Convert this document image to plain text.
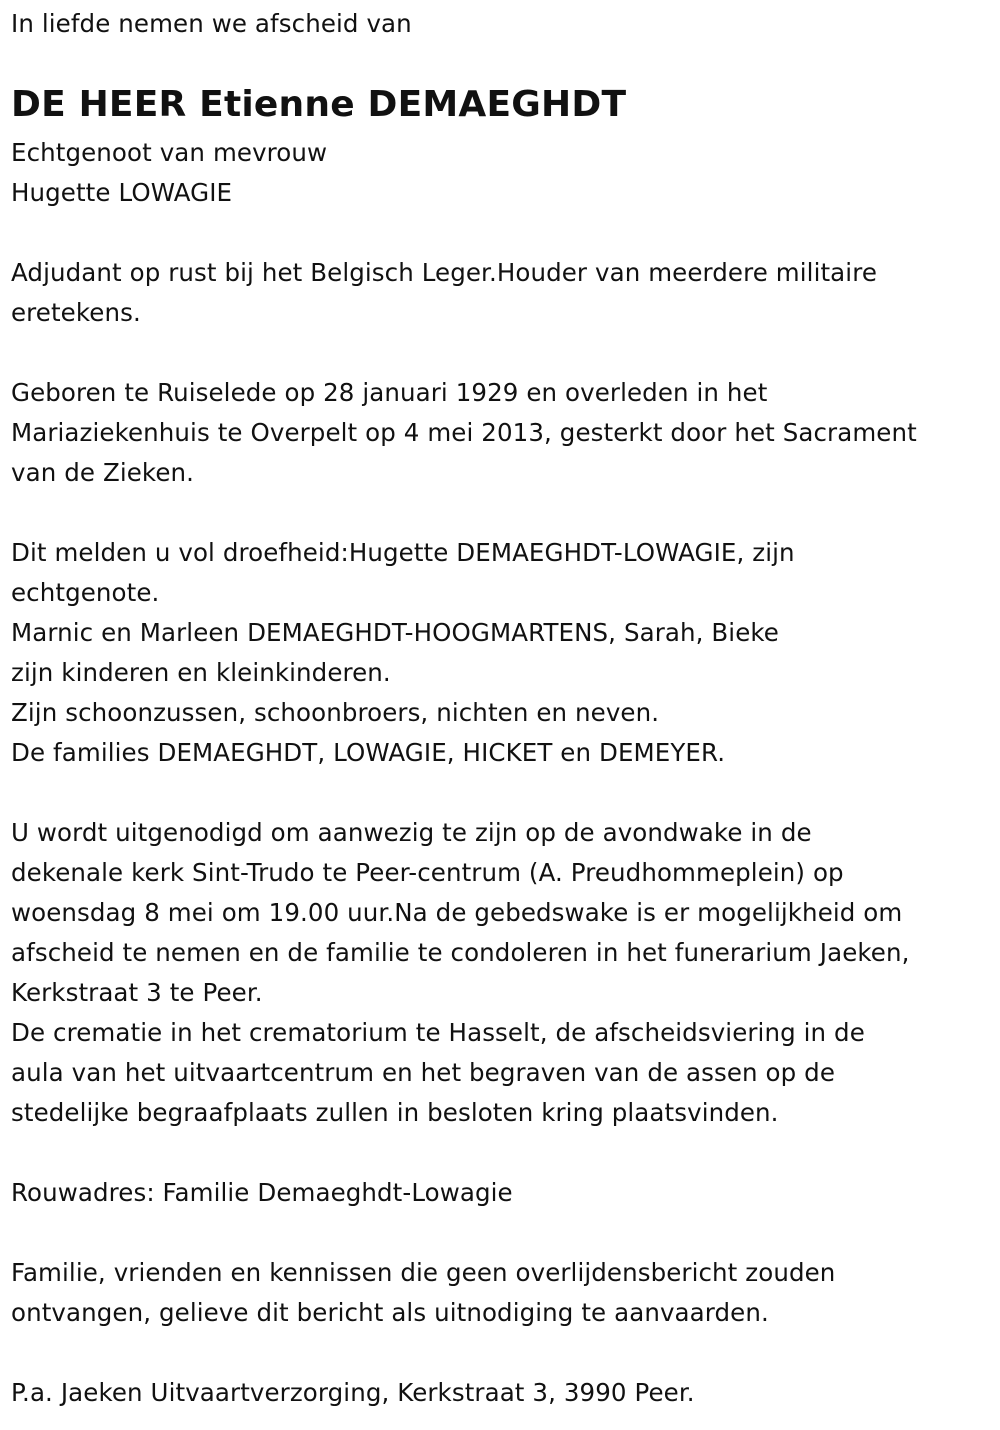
In liefde nemen we afscheid van
DE HEER Etienne DEMAEGHDT
Echtgenoot van mevrouw
Hugette LOWAGIE
Adjudant op rust bij het Belgisch Leger.Houder van meerdere militaire
eretekens.
Geboren te Ruiselede op 28 januari 1929 en overleden in het
Mariaziekenhuis te Overpelt op 4 mei 2013, gesterkt door het Sacrament
van de Zieken.
Dit melden u vol droefheid:Hugette DEMAEGHDT-LOWAGIE, zijn
echtgenote.
Marnic en Marleen DEMAEGHDT-HOOGMARTENS, Sarah, Bieke
zijn kinderen en kleinkinderen.
Zijn schoonzussen, schoonbroers, nichten en neven.
De families DEMAEGHDT, LOWAGIE, HICKET en DEMEYER.
U wordt uitgenodigd om aanwezig te zijn op de avondwake in de
dekenale kerk Sint-Trudo te Peer-centrum (A. Preudhommeplein) op
woensdag 8 mei om 19.00 uur.Na de gebedswake is er mogelijkheid om
afscheid te nemen en de familie te condoleren in het funerarium Jaeken,
Kerkstraat 3 te Peer.
De crematie in het crematorium te Hasselt, de afscheidsviering in de
aula van het uitvaartcentrum en het begraven van de assen op de
stedelijke begraafplaats zullen in besloten kring plaatsvinden.
Rouwadres: Familie Demaeghdt-Lowagie
Familie, vrienden en kennissen die geen overlijdensbericht zouden
ontvangen, gelieve dit bericht als uitnodiging te aanvaarden.
P.a. Jaeken Uitvaartverzorging, Kerkstraat 3, 3990 Peer.
